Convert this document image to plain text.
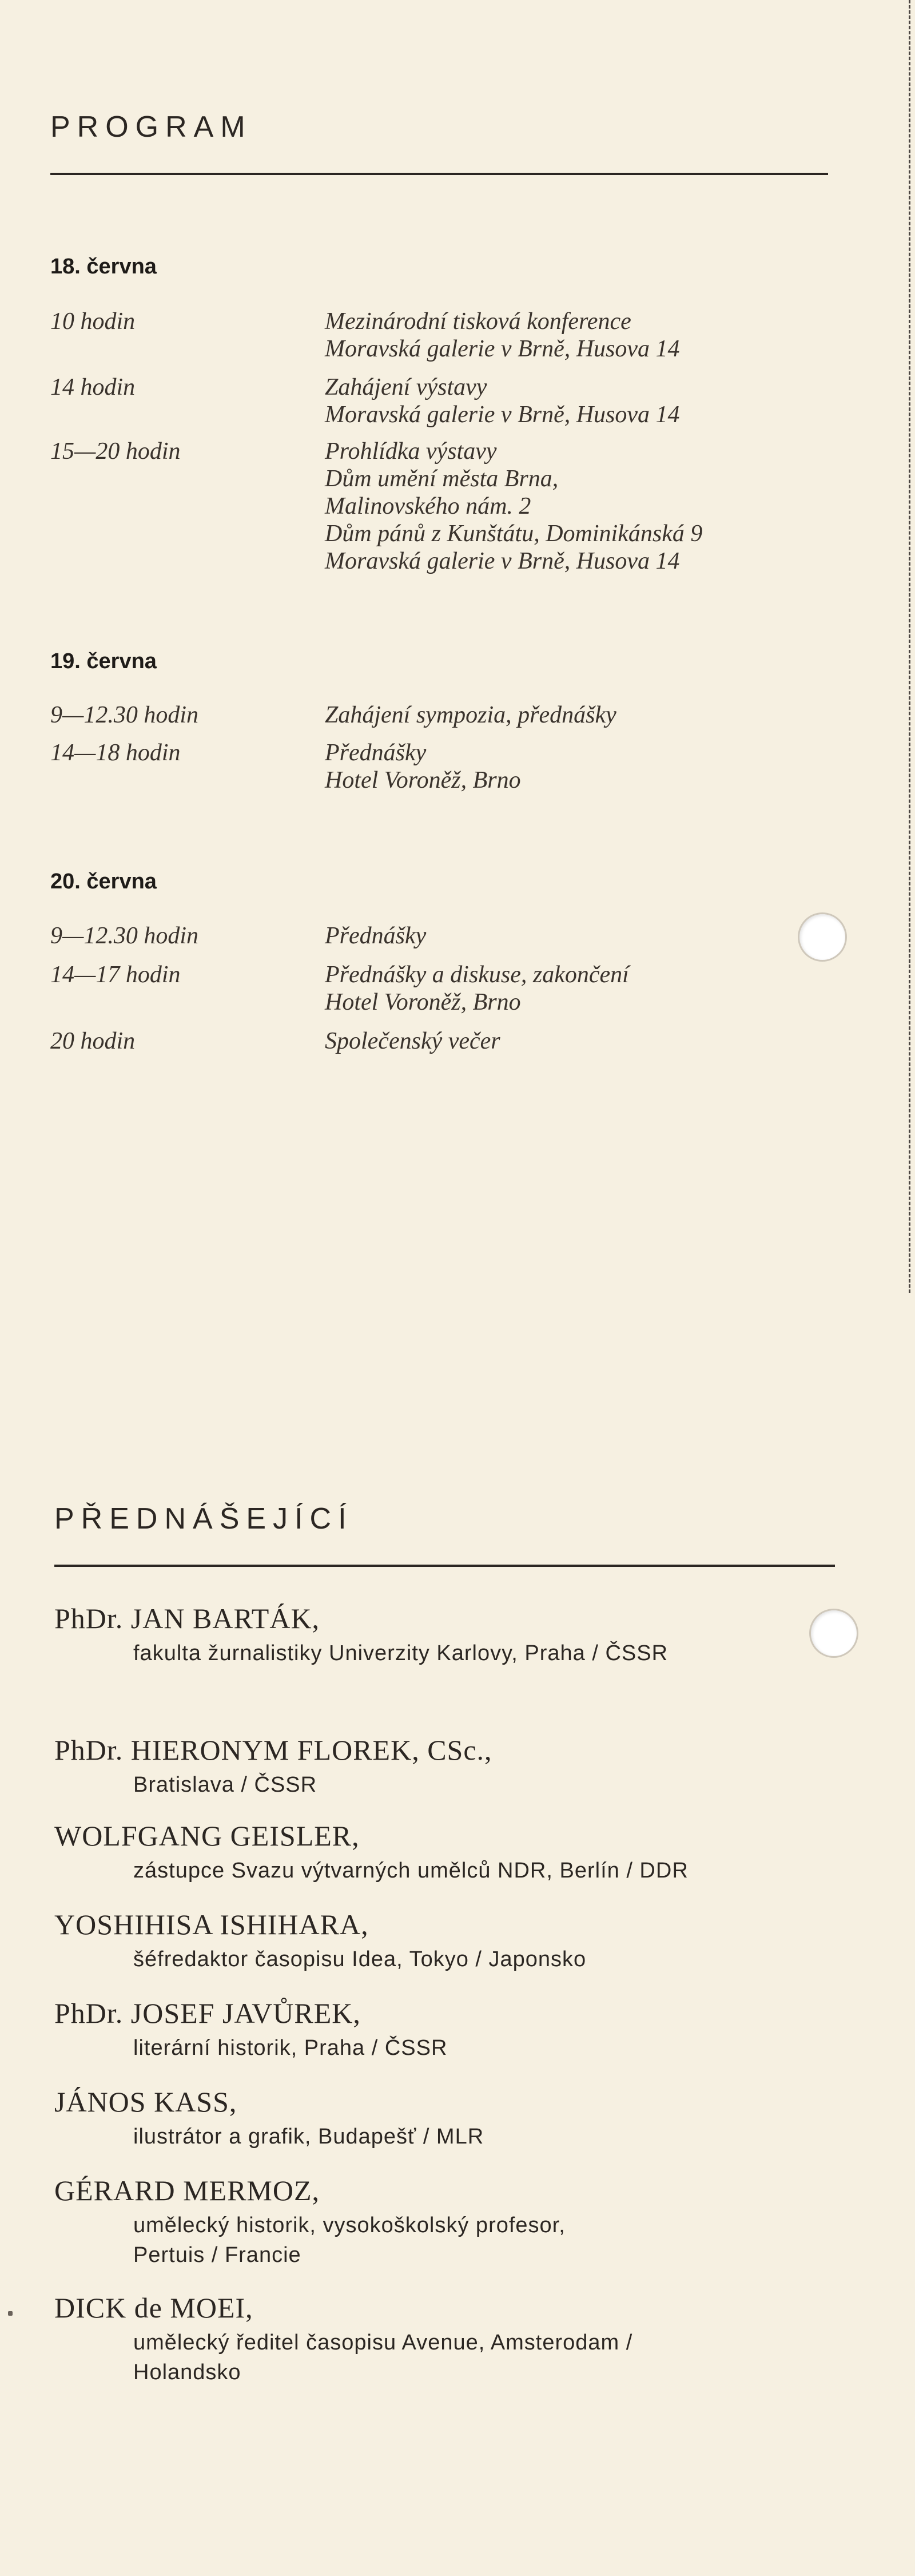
PROGRAM
18. června
10 hodin	Mezinárodní tisková konference
Moravská galerie v Brně, Husova 14
14 hodin	Zahájení výstavy
Moravská galerie v Brně, Husova 14
15—20 hodin	Prohlídka výstavy
Dům umění města Brna,
Malinovského nám. 2
Dům pánů z Kunštátu, Dominikánská 9
Moravská galerie v Brně, Husova 14
19. června
9—12.30 hodin	Zahájení sympozia, přednášky
14—18 hodin	Přednášky
Hotel Voroněž, Brno
20. června
9—12.30 hodin	Přednášky
14—17 hodin	Přednášky a diskuse, zakončení
Hotel Voroněž, Brno
20 hodin	Společenský večer
PŘEDNÁŠEJÍCÍ
PhDr. JAN BARTÁK,
fakulta žurnalistiky Univerzity Karlovy, Praha / ČSSR
PhDr. HIERONYM FLOREK, CSc.,
Bratislava / ČSSR
WOLFGANG GEISLER,
zástupce Svazu výtvarných umělců NDR, Berlín / DDR
YOSHIHISA ISHIHARA,
šéfredaktor časopisu Idea, Tokyo / Japonsko
PhDr. JOSEF JAVŮREK,
literární historik, Praha / ČSSR
JÁNOS KASS,
ilustrátor a grafik, Budapešť / MLR
GÉRARD MERMOZ,
umělecký historik, vysokoškolský profesor,
Pertuis / Francie
DICK de MOEI,
umělecký ředitel časopisu Avenue, Amsterodam /
Holandsko
